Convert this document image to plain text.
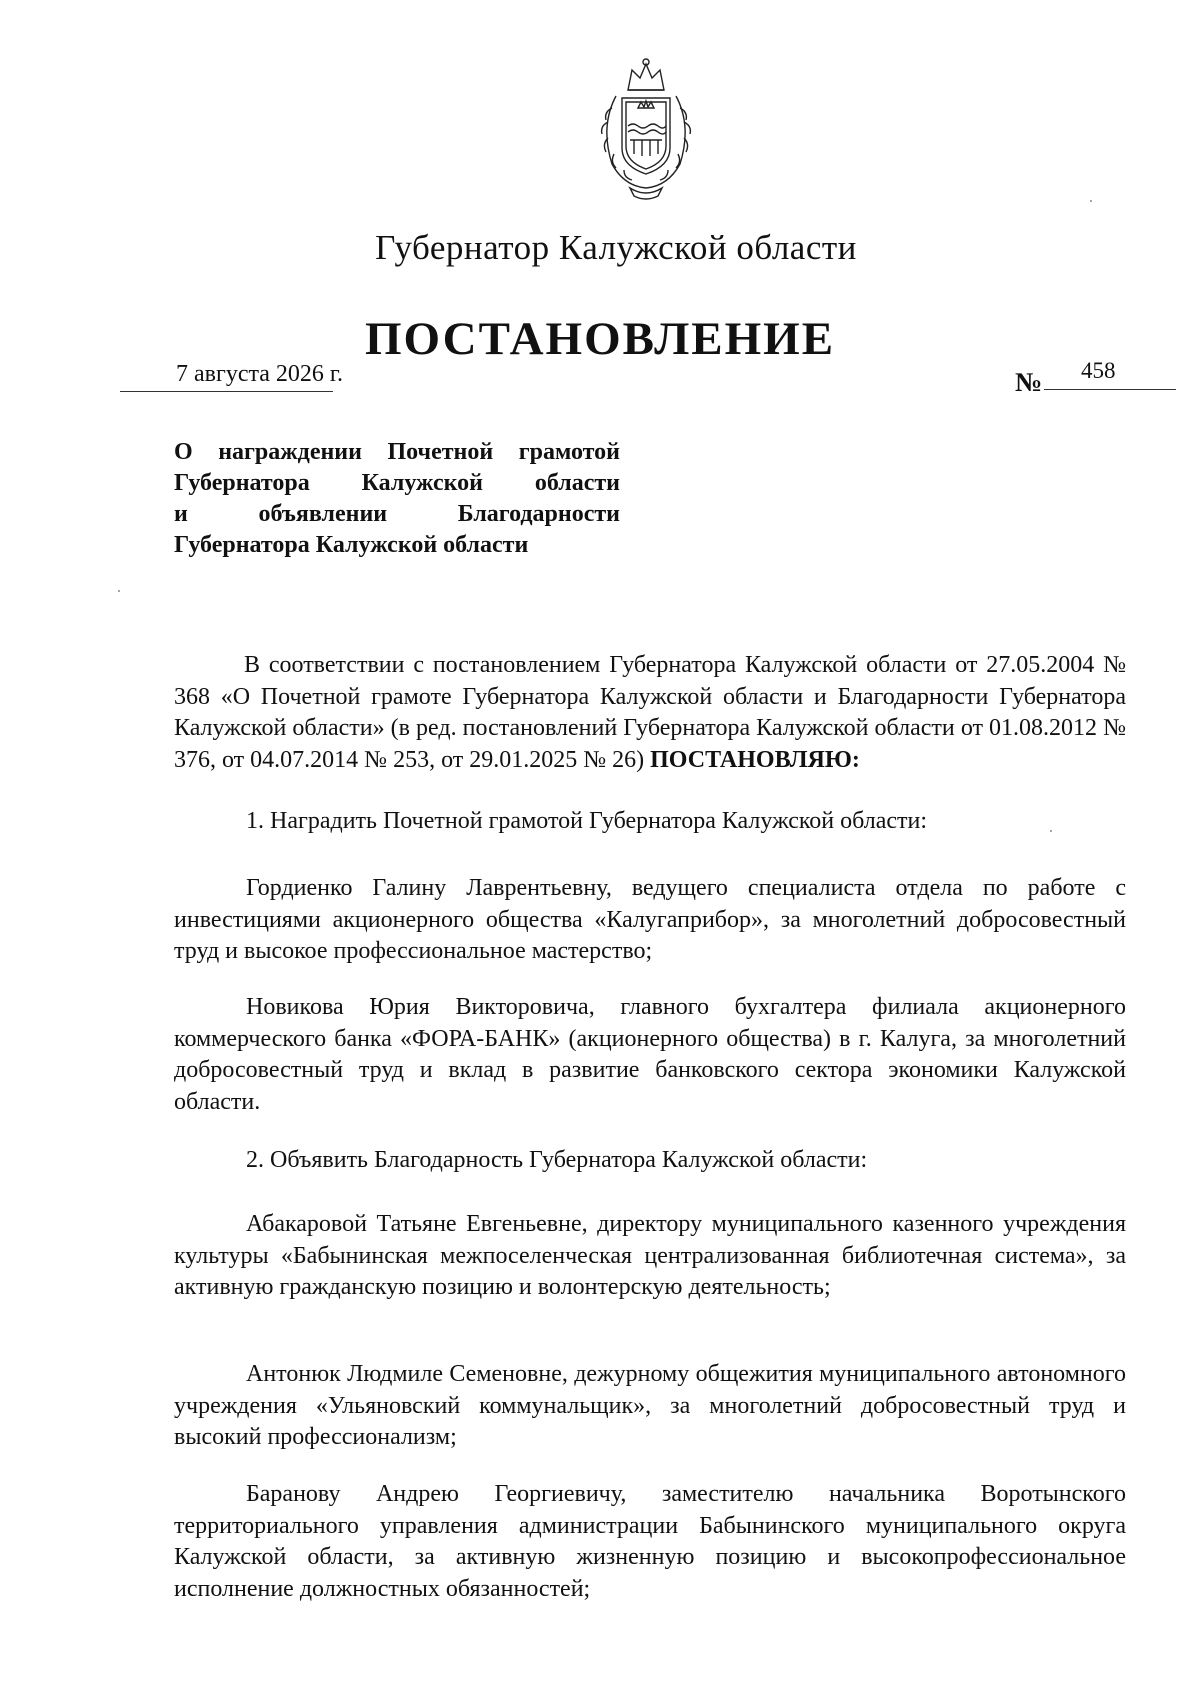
Губернатор Калужской области
ПОСТАНОВЛЕНИЕ
7 августа 2026 г.	№ 458
О награждении Почетной грамотой
Губернатора Калужской области
и	объявлении	Благодарности
Губернатора Калужской области
В соответствии с постановлением Губернатора Калужской области от 27.05.2004 № 368 «О Почетной грамоте Губернатора Калужской области и Благодарности Губернатора Калужской области» (в ред. постановлений Губернатора Калужской области от 01.08.2012 № 376, от 04.07.2014 № 253, от 29.01.2025 № 26) ПОСТАНОВЛЯЮ:
1. Наградить Почетной грамотой Губернатора Калужской области:
Гордиенко Галину Лаврентьевну, ведущего специалиста отдела по работе с инвестициями акционерного общества «Калугаприбор», за многолетний добросовестный труд и высокое профессиональное мастерство;
Новикова Юрия Викторовича, главного бухгалтера филиала акционерного коммерческого банка «ФОРА-БАНК» (акционерного общества) в г. Калуга, за многолетний добросовестный труд и вклад в развитие банковского сектора экономики Калужской области.
2. Объявить Благодарность Губернатора Калужской области:
Абакаровой Татьяне Евгеньевне, директору муниципального казенного учреждения культуры «Бабынинская межпоселенческая централизованная библиотечная система», за активную гражданскую позицию и волонтерскую деятельность;
Антонюк Людмиле Семеновне, дежурному общежития муниципального автономного учреждения «Ульяновский коммунальщик», за многолетний добросовестный труд и высокий профессионализм;
Баранову Андрею Георгиевичу, заместителю начальника Воротынского территориального управления администрации Бабынинского муниципального округа Калужской области, за активную жизненную позицию и высокопрофессиональное исполнение должностных обязанностей;
